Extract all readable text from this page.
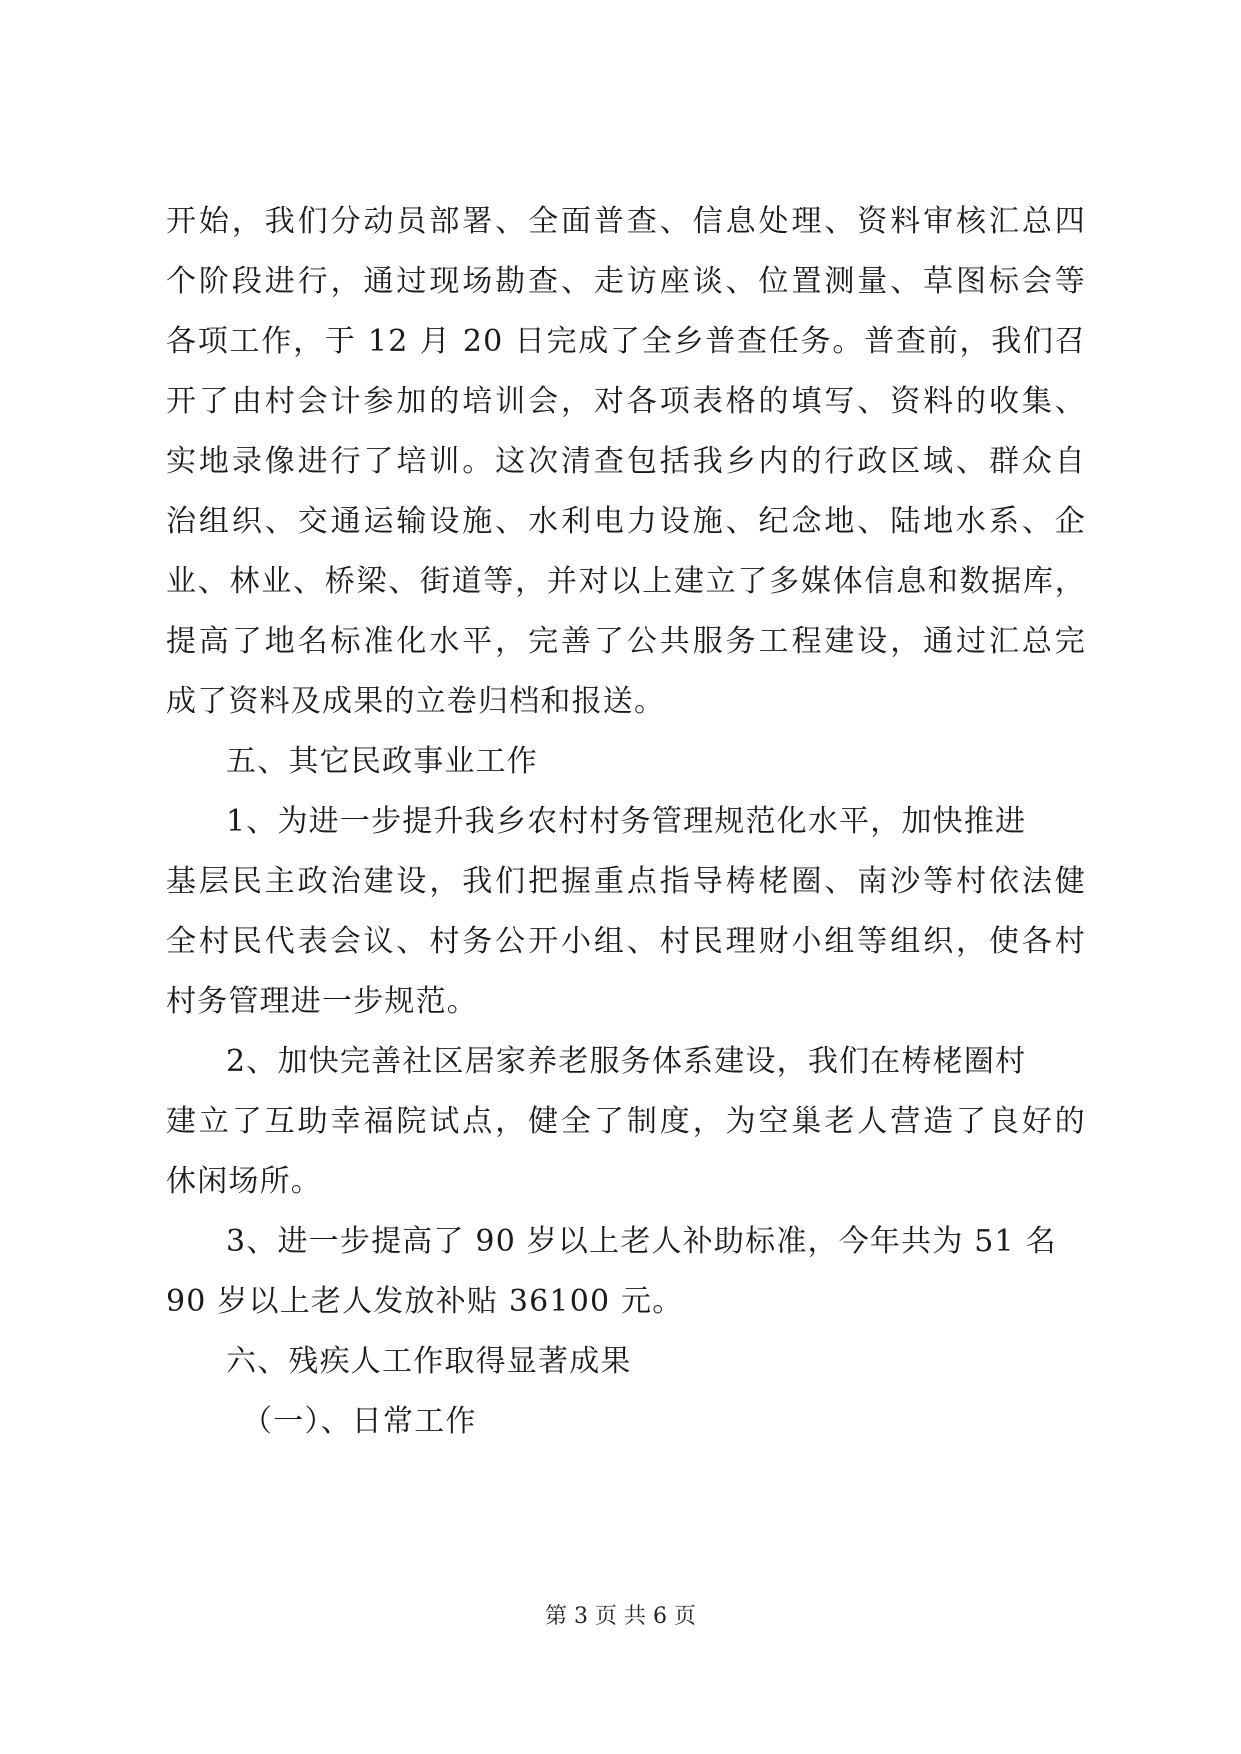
开始，我们分动员部署、全面普查、信息处理、资料审核汇总四
个阶段进行，通过现场勘查、走访座谈、位置测量、草图标会等
各项工作，于 12 月 20 日完成了全乡普查任务。普查前，我们召
开了由村会计参加的培训会，对各项表格的填写、资料的收集、
实地录像进行了培训。这次清查包括我乡内的行政区域、群众自
治组织、交通运输设施、水利电力设施、纪念地、陆地水系、企
业、林业、桥梁、街道等，并对以上建立了多媒体信息和数据库，
提高了地名标准化水平，完善了公共服务工程建设，通过汇总完
成了资料及成果的立卷归档和报送。
五、其它民政事业工作
1、为进一步提升我乡农村村务管理规范化水平，加快推进
基层民主政治建设，我们把握重点指导梼栳圈、南沙等村依法健
全村民代表会议、村务公开小组、村民理财小组等组织，使各村
村务管理进一步规范。
2、加快完善社区居家养老服务体系建设，我们在梼栳圈村
建立了互助幸福院试点，健全了制度，为空巢老人营造了良好的
休闲场所。
3、进一步提高了 90 岁以上老人补助标准，今年共为 51 名
90 岁以上老人发放补贴 36100 元。
六、残疾人工作取得显著成果
（一）、日常工作
第 3 页 共 6 页
